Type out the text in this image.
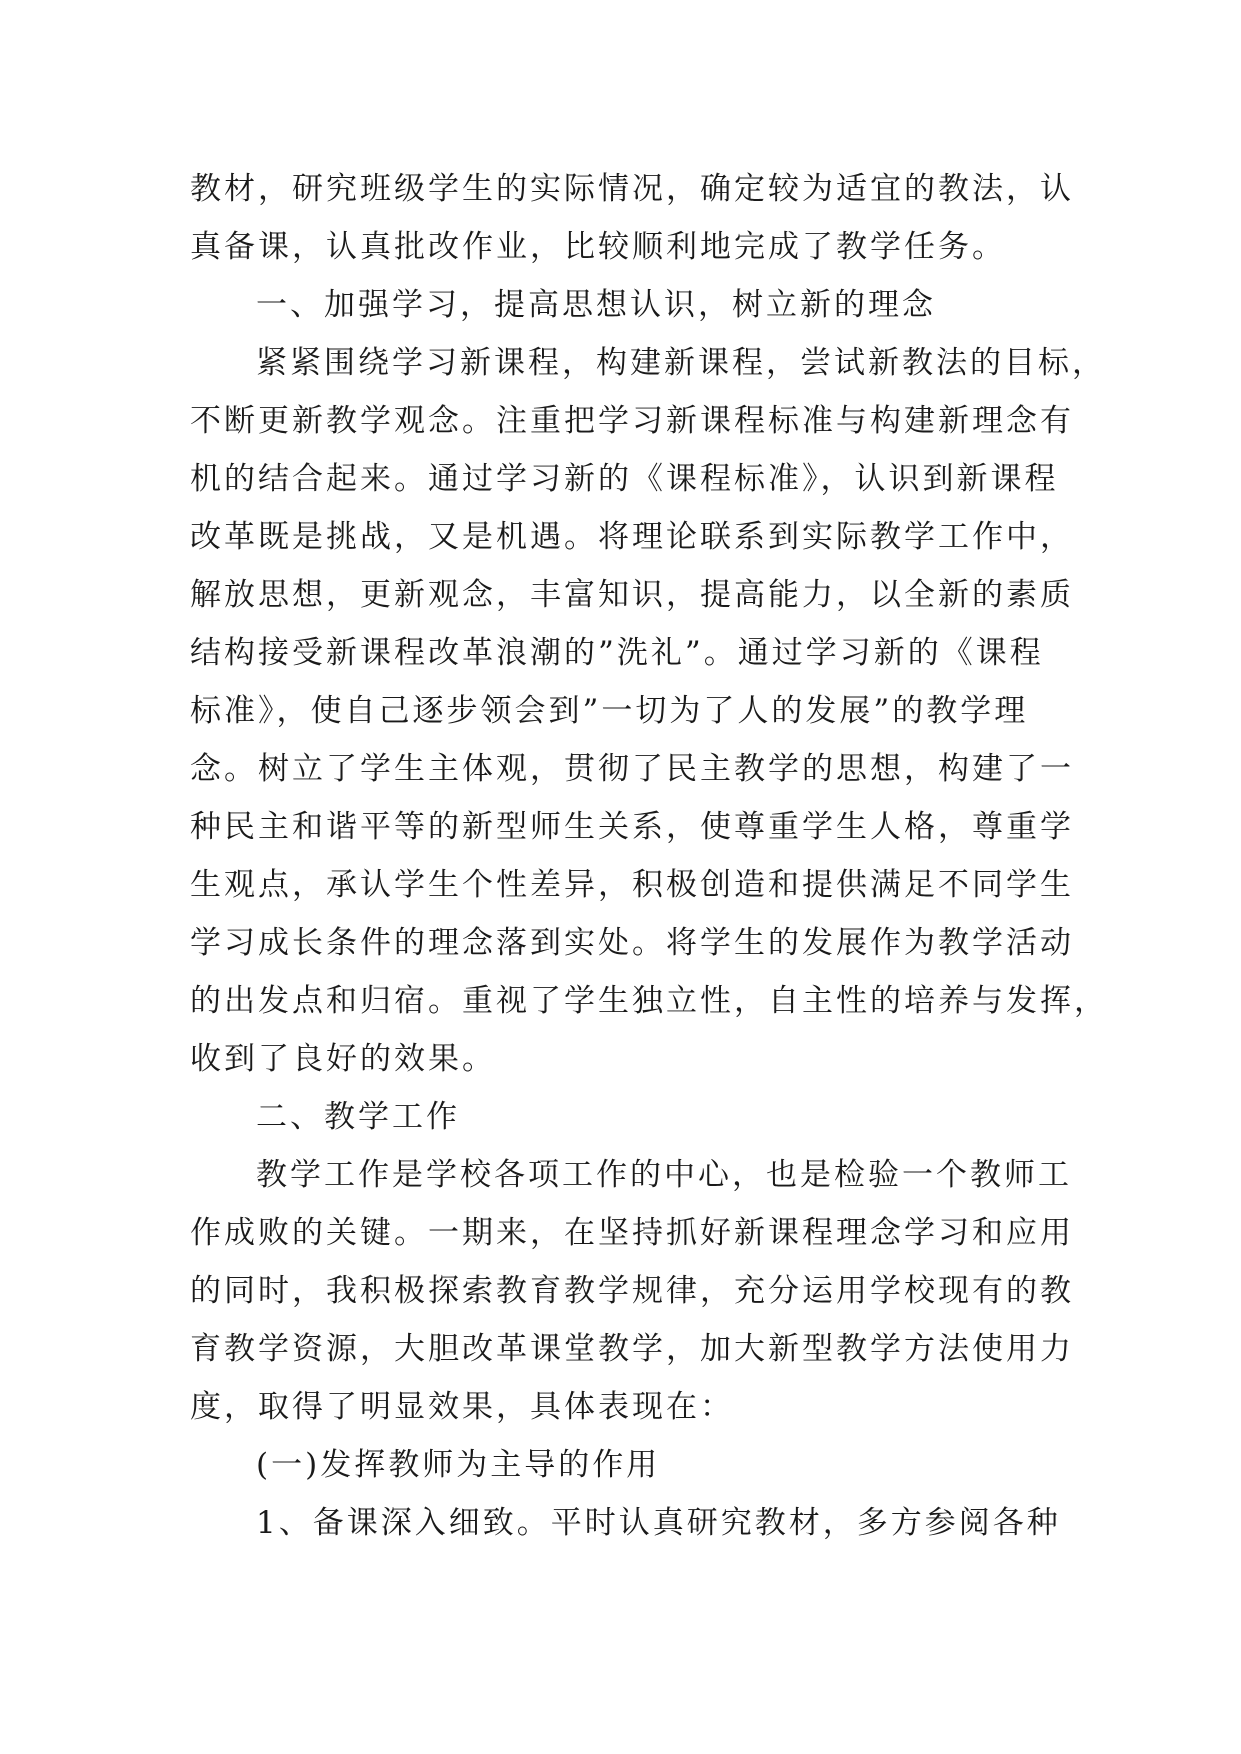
教材，研究班级学生的实际情况，确定较为适宜的教法，认
真备课，认真批改作业，比较顺利地完成了教学任务。
一、加强学习，提高思想认识，树立新的理念
紧紧围绕学习新课程，构建新课程，尝试新教法的目标，
不断更新教学观念。注重把学习新课程标准与构建新理念有
机的结合起来。通过学习新的《课程标准》，认识到新课程
改革既是挑战，又是机遇。将理论联系到实际教学工作中，
解放思想，更新观念，丰富知识，提高能力，以全新的素质
结构接受新课程改革浪潮的”洗礼”。通过学习新的《课程
标准》，使自己逐步领会到”一切为了人的发展”的教学理
念。树立了学生主体观，贯彻了民主教学的思想，构建了一
种民主和谐平等的新型师生关系，使尊重学生人格，尊重学
生观点，承认学生个性差异，积极创造和提供满足不同学生
学习成长条件的理念落到实处。将学生的发展作为教学活动
的出发点和归宿。重视了学生独立性，自主性的培养与发挥，
收到了良好的效果。
二、教学工作
教学工作是学校各项工作的中心，也是检验一个教师工
作成败的关键。一期来，在坚持抓好新课程理念学习和应用
的同时，我积极探索教育教学规律，充分运用学校现有的教
育教学资源，大胆改革课堂教学，加大新型教学方法使用力
度，取得了明显效果，具体表现在：
(一)发挥教师为主导的作用
1、备课深入细致。平时认真研究教材，多方参阅各种
